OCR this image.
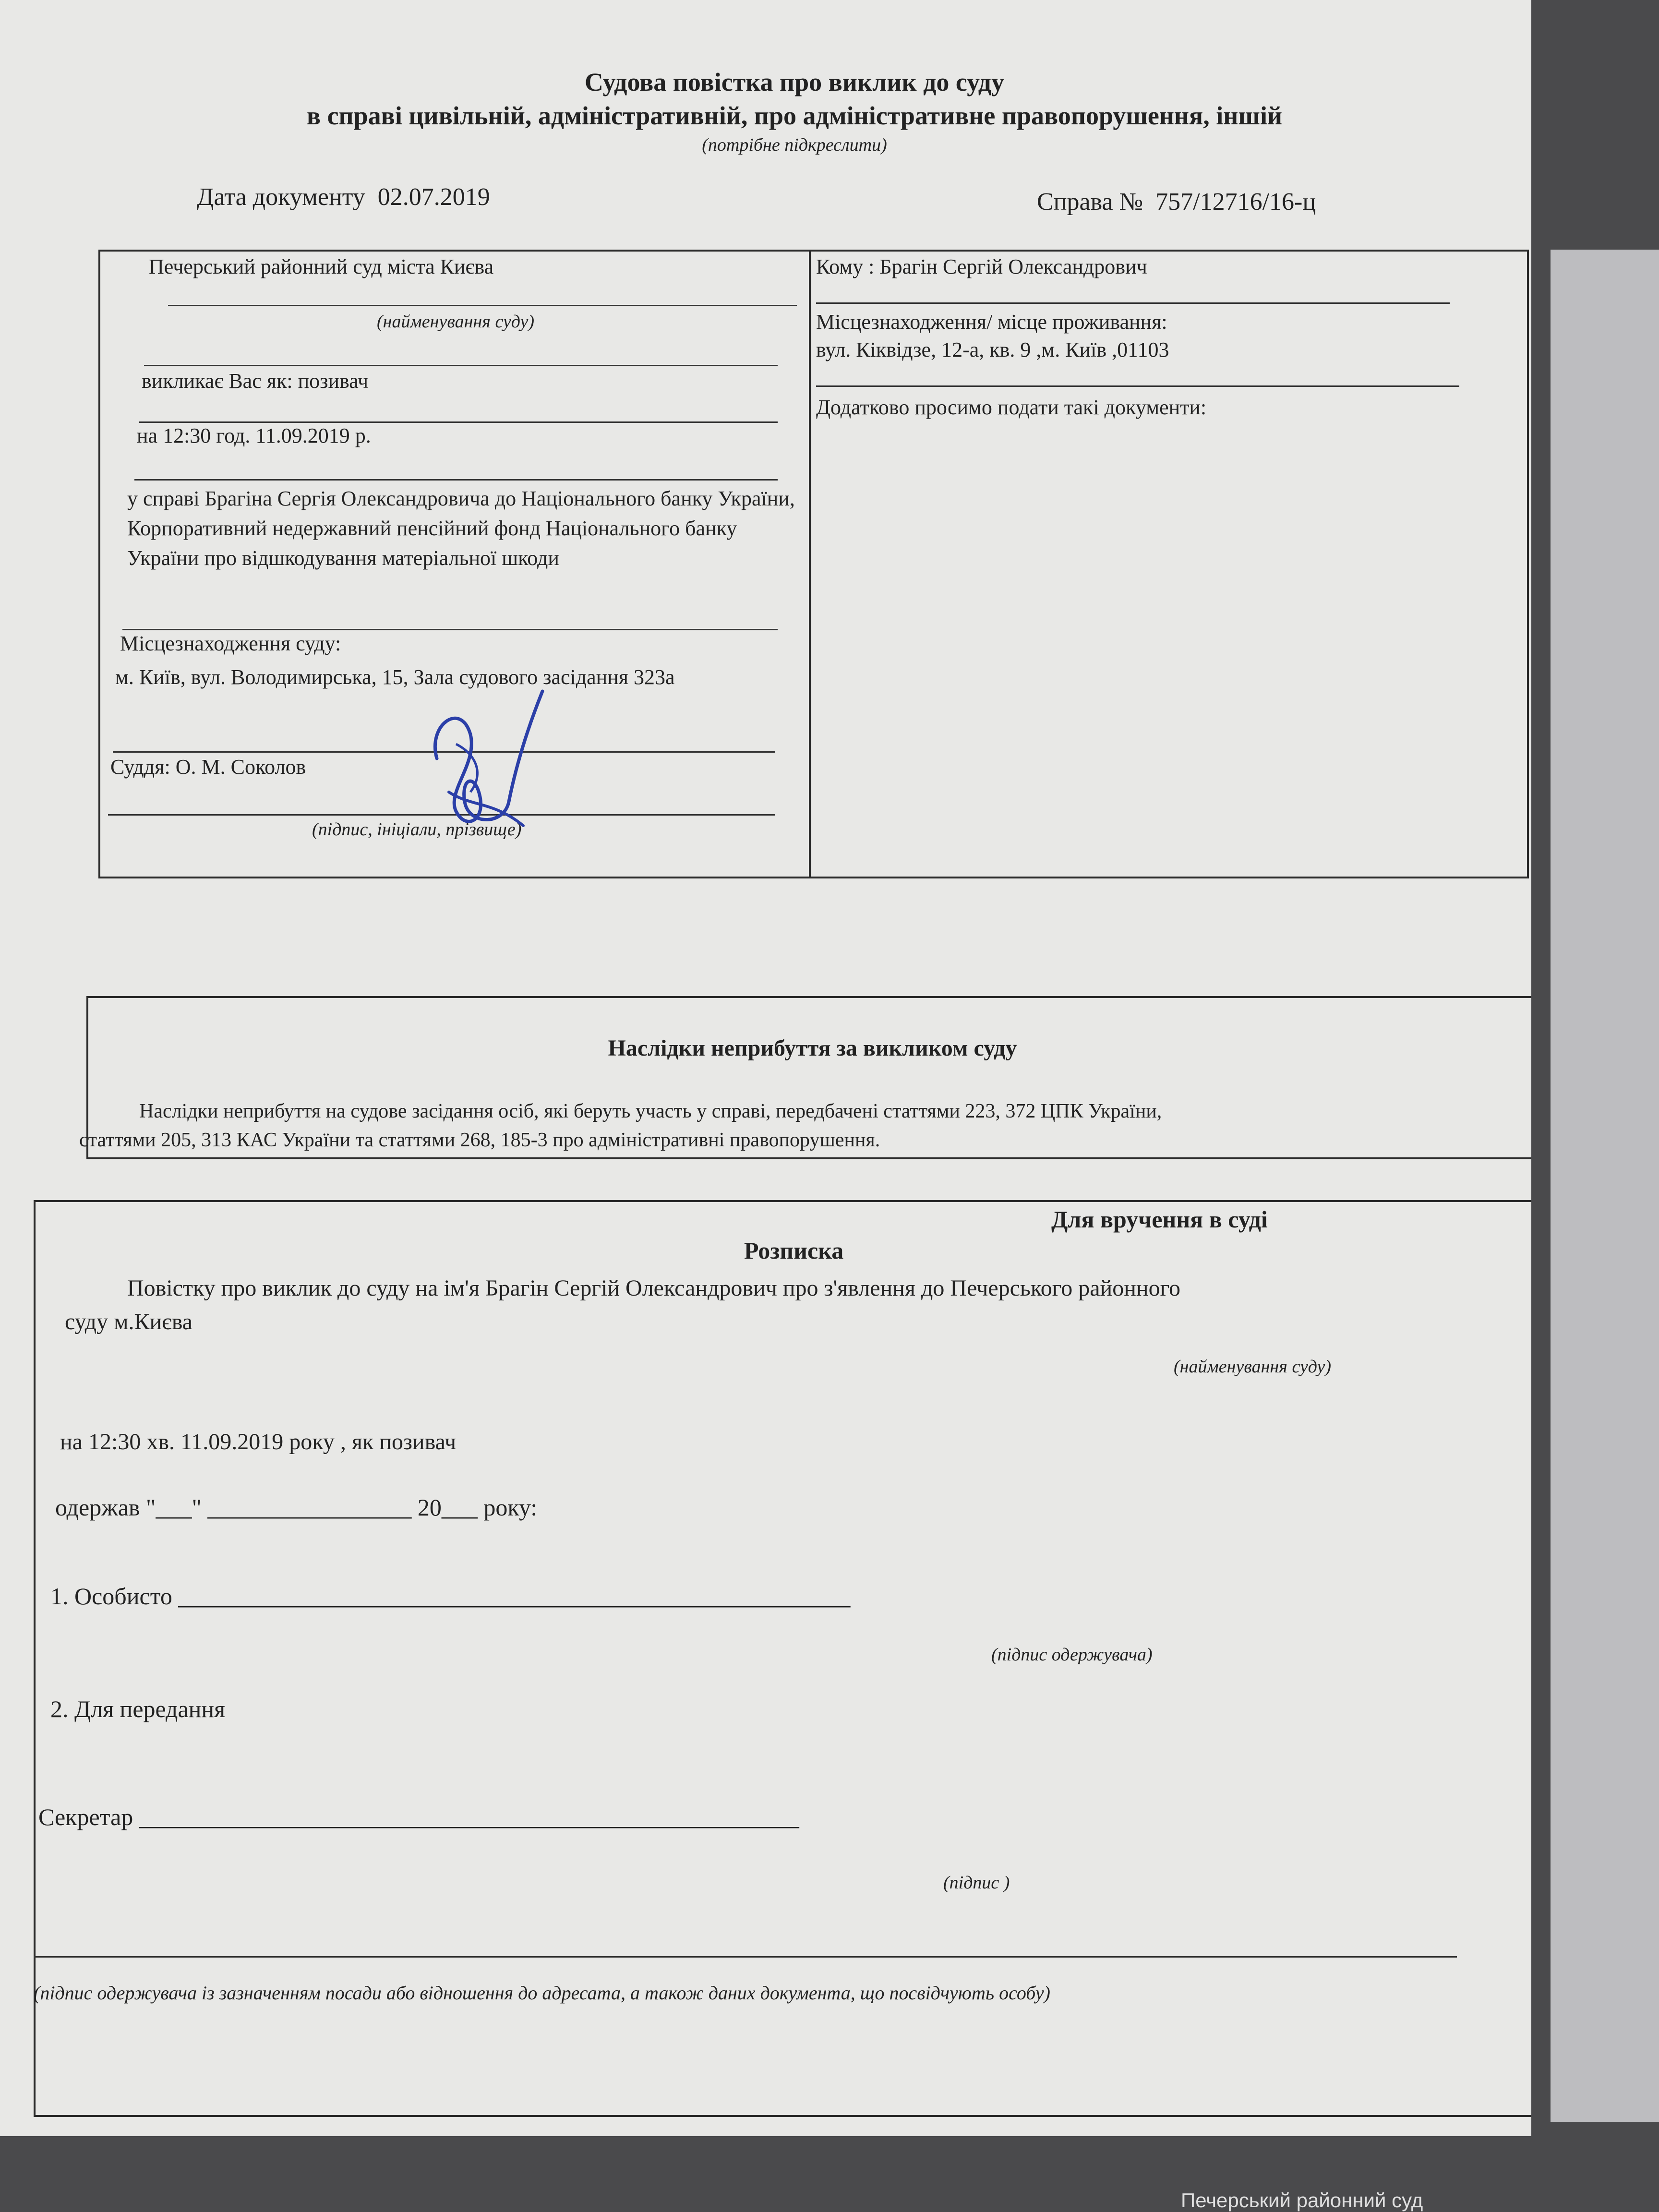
Судова повістка про виклик до суду
в справі цивільній, адміністративній, про адміністративне правопорушення, іншій
(потрібне підкреслити)
Дата документу 02.07.2019	Справа № 757/12716/16-ц
Печерський районний суд міста Києва
(найменування суду)
викликає Вас як: позивач
на 12:30 год. 11.09.2019 р.
у справі Брагіна Сергія Олександровича до Національного банку України, Корпоративний недержавний пенсійний фонд Національного банку України про відшкодування матеріальної шкоди
Місцезнаходження суду:
м. Київ, вул. Володимирська, 15, Зала судового засідання 323а
Суддя: О. М. Соколов
(підпис, ініціали, прізвище)
Кому : Брагін Сергій Олександрович
Місцезнаходження/ місце проживання:
вул. Кіквідзе, 12-а, кв. 9 ,м. Київ ,01103
Додатково просимо подати такі документи:
Наслідки неприбуття за викликом суду
Наслідки неприбуття на судове засідання осіб, які беруть участь у справі, передбачені статтями 223, 372 ЦПК України,
статтями 205, 313 КАС України та статтями 268, 185-3 про адміністративні правопорушення.
Для вручення в суді
Розписка
Повістку про виклик до суду на ім'я Брагін Сергій Олександрович про з'явлення до Печерського районного
суду м.Києва
(найменування суду)
на 12:30 хв. 11.09.2019 року , як позивач
одержав "___" _________________ 20___ року:
1. Особисто ________________________________________________________
(підпис одержувача)
2. Для передання
Секретар _______________________________________________________
(підпис )
(підпис одержувача із зазначенням посади або відношення до адресата, а також даних документа, що посвідчують особу)
Печерський районний суд
